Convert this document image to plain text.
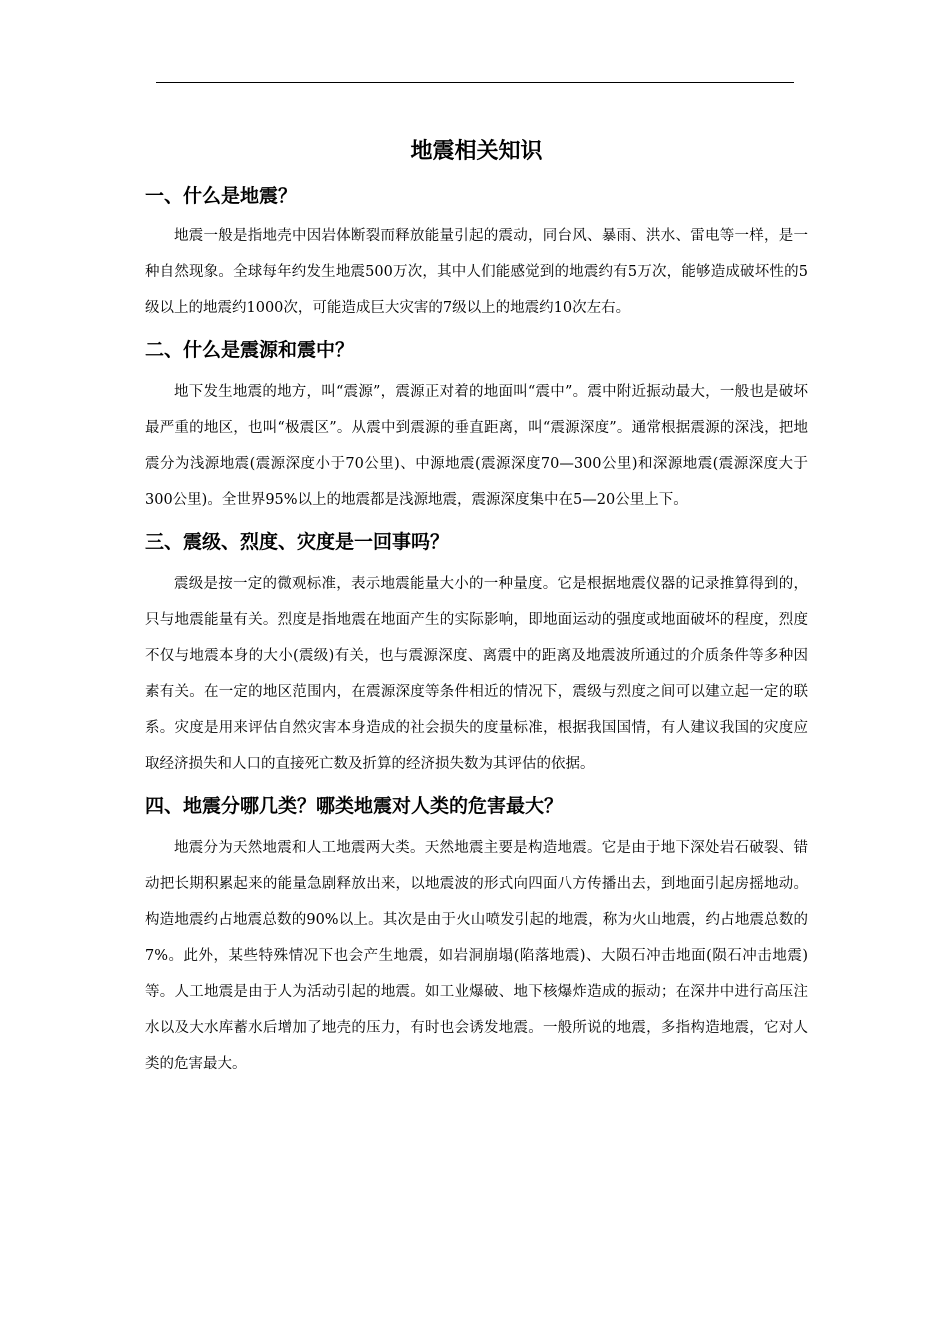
地震相关知识
一、什么是地震？

地震一般是指地壳中因岩体断裂而释放能量引起的震动，同台风、暴雨、洪水、雷电等一样，是一种自然现象。全球每年约发生地震500万次，其中人们能感觉到的地震约有5万次，能够造成破坏性的5级以上的地震约1000次，可能造成巨大灾害的7级以上的地震约10次左右。

二、什么是震源和震中？

地下发生地震的地方，叫“震源”，震源正对着的地面叫“震中”。震中附近振动最大，一般也是破坏最严重的地区，也叫“极震区”。从震中到震源的垂直距离，叫“震源深度”。通常根据震源的深浅，把地震分为浅源地震(震源深度小于70公里)、中源地震(震源深度70—300公里)和深源地震(震源深度大于300公里)。全世界95%以上的地震都是浅源地震，震源深度集中在5—20公里上下。

三、震级、烈度、灾度是一回事吗？

震级是按一定的微观标准，表示地震能量大小的一种量度。它是根据地震仪器的记录推算得到的，只与地震能量有关。烈度是指地震在地面产生的实际影响，即地面运动的强度或地面破坏的程度，烈度不仅与地震本身的大小(震级)有关，也与震源深度、离震中的距离及地震波所通过的介质条件等多种因素有关。在一定的地区范围内，在震源深度等条件相近的情况下，震级与烈度之间可以建立起一定的联系。灾度是用来评估自然灾害本身造成的社会损失的度量标准，根据我国国情，有人建议我国的灾度应取经济损失和人口的直接死亡数及折算的经济损失数为其评估的依据。

四、地震分哪几类？哪类地震对人类的危害最大？

地震分为天然地震和人工地震两大类。天然地震主要是构造地震。它是由于地下深处岩石破裂、错动把长期积累起来的能量急剧释放出来，以地震波的形式向四面八方传播出去，到地面引起房摇地动。构造地震约占地震总数的90%以上。其次是由于火山喷发引起的地震，称为火山地震，约占地震总数的7%。此外，某些特殊情况下也会产生地震，如岩洞崩塌(陷落地震)、大陨石冲击地面(陨石冲击地震)等。人工地震是由于人为活动引起的地震。如工业爆破、地下核爆炸造成的振动；在深井中进行高压注水以及大水库蓄水后增加了地壳的压力，有时也会诱发地震。一般所说的地震，多指构造地震，它对人类的危害最大。
